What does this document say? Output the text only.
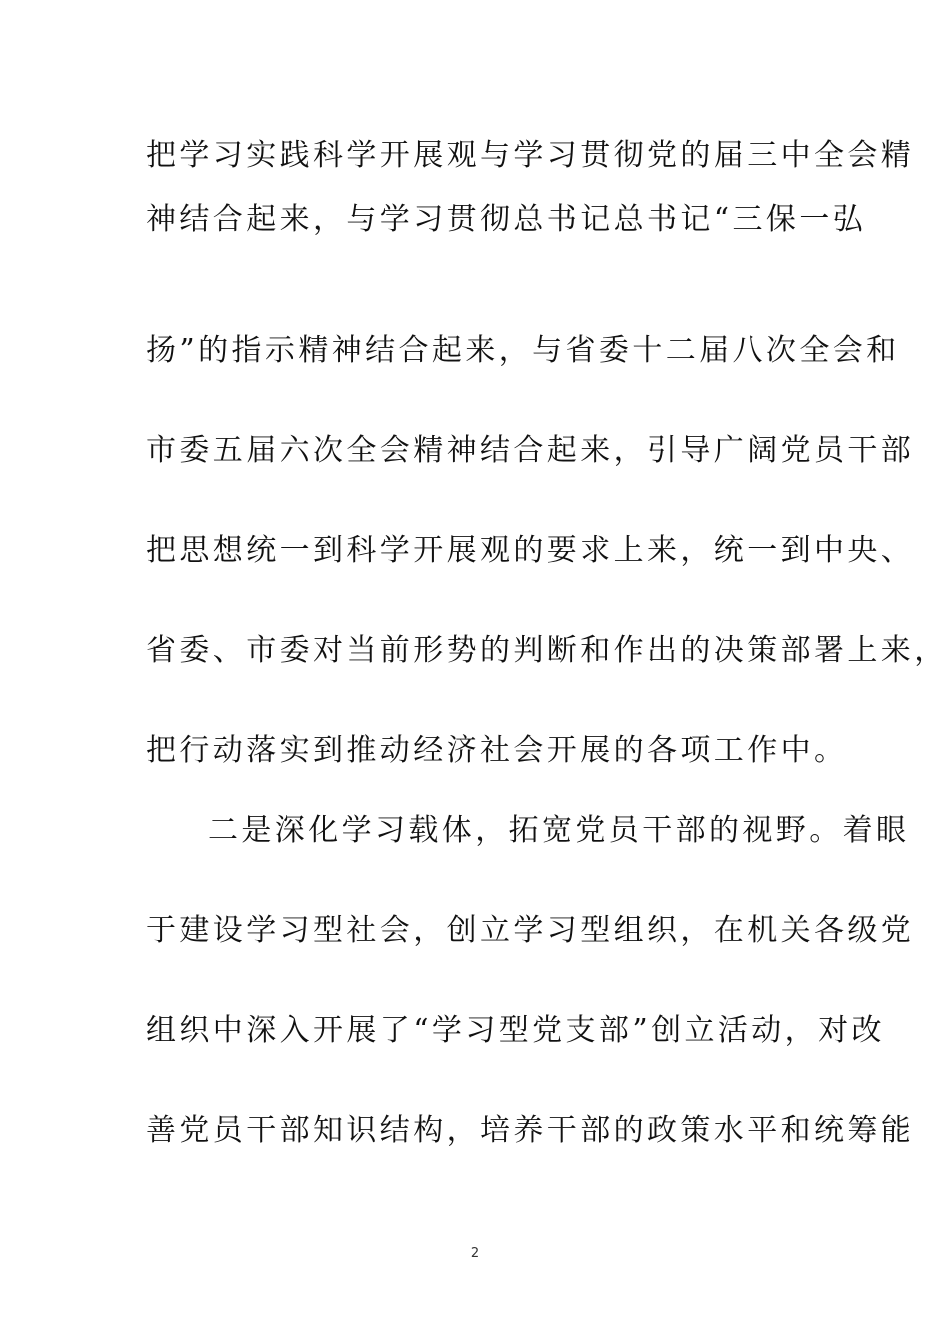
把学习实践科学开展观与学习贯彻党的届三中全会精
神结合起来，与学习贯彻总书记总书记“三保一弘
扬”的指示精神结合起来，与省委十二届八次全会和
市委五届六次全会精神结合起来，引导广阔党员干部
把思想统一到科学开展观的要求上来，统一到中央、
省委、市委对当前形势的判断和作出的决策部署上来，
把行动落实到推动经济社会开展的各项工作中。
二是深化学习载体，拓宽党员干部的视野。着眼
于建设学习型社会，创立学习型组织，在机关各级党
组织中深入开展了“学习型党支部”创立活动，对改
善党员干部知识结构，培养干部的政策水平和统筹能
2
